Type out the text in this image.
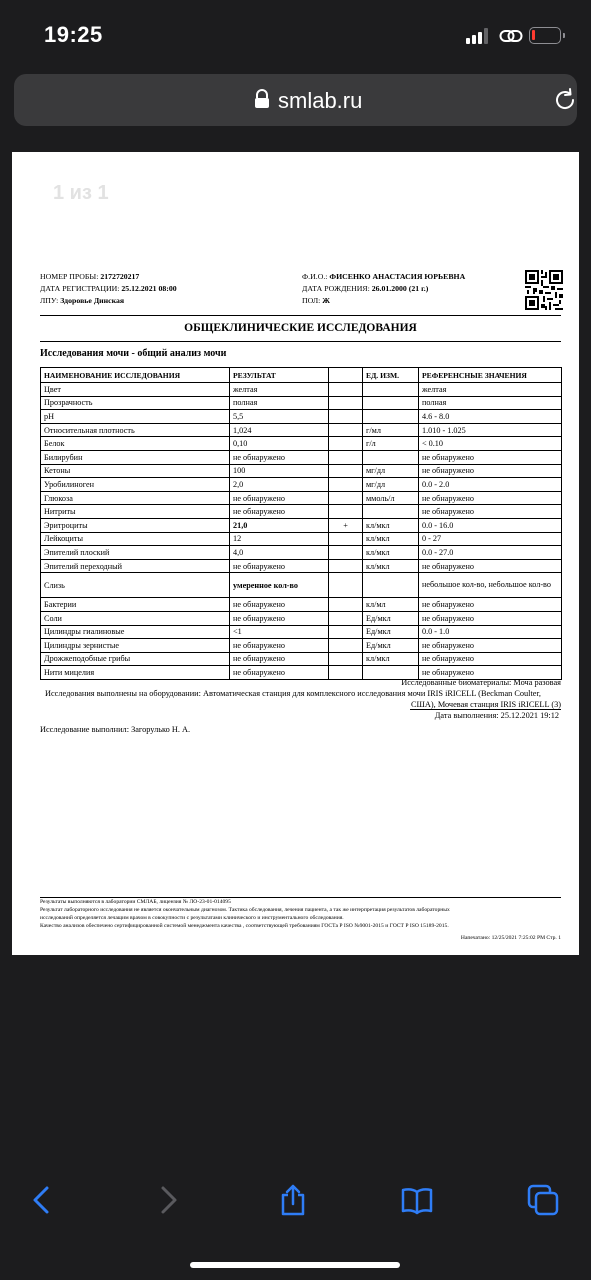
19:25
smlab.ru
1 из 1
НОМЕР ПРОБЫ: 2172720217
ДАТА РЕГИСТРАЦИИ: 25.12.2021 08:00
ЛПУ: Здоровье Динская
Ф.И.О.: ФИСЕНКО АНАСТАСИЯ ЮРЬЕВНА
ДАТА РОЖДЕНИЯ: 26.01.2000 (21 г.)
ПОЛ: Ж
ОБЩЕКЛИНИЧЕСКИЕ ИССЛЕДОВАНИЯ
Исследования мочи - общий анализ мочи
НАИМЕНОВАНИЕ ИССЛЕДОВАНИЯ	РЕЗУЛЬТАТ		ЕД. ИЗМ.	РЕФЕРЕНСНЫЕ ЗНАЧЕНИЯ
Цвет	желтая			желтая
Прозрачность	полная			полная
pH	5,5			4.6 - 8.0
Относительная плотность	1,024		г/мл	1.010 - 1.025
Белок	0,10		г/л	< 0.10
Билирубин	не обнаружено			не обнаружено
Кетоны	100		мг/дл	не обнаружено
Уробилиноген	2,0		мг/дл	0.0 - 2.0
Глюкоза	не обнаружено		ммоль/л	не обнаружено
Нитриты	не обнаружено			не обнаружено
Эритроциты	21,0	+	кл/мкл	0.0 - 16.0
Лейкоциты	12		кл/мкл	0 - 27
Эпителий плоский	4,0		кл/мкл	0.0 - 27.0
Эпителий переходный	не обнаружено		кл/мкл	не обнаружено
Слизь	умеренное кол-во			небольшое кол-во, небольшое кол-во
Бактерии	не обнаружено		кл/мл	не обнаружено
Соли	не обнаружено		Ед/мкл	не обнаружено
Цилиндры гиалиновые	<1		Ед/мкл	0.0 - 1.0
Цилиндры зернистые	не обнаружено		Ед/мкл	не обнаружено
Дрожжеподобные грибы	не обнаружено		кл/мкл	не обнаружено
Нити мицелия	не обнаружено			не обнаружено
Исследованные биоматериалы: Моча разовая
Исследования выполнены на оборудовании: Автоматическая станция для комплексного исследования мочи IRIS iRICELL (Beckman Coulter,
США), Мочевая станция IRIS iRICELL (3)
Дата выполнения: 25.12.2021 19:12
Исследование выполнил: Загорулько Н. А.
Результаты выполняются в лаборатории СМЛАБ, лицензия № ЛО-23-01-014095
Результат лабораторного исследования не является окончательным диагнозом. Тактика обследования, лечения пациента, а так же интерпретация результатов лабораторных
исследований определяется лечащим врачом в совокупности с результатами клинического и инструментального обследования.
Качество анализов обеспечено сертифицированной системой менеджмента качества , соответствующей требованиям ГОСТа Р ISO №9001-2015 и ГОСТ Р ISO 15189-2015.
Напечатано: 12/25/2021 7:25:02 PM Стр. 1
